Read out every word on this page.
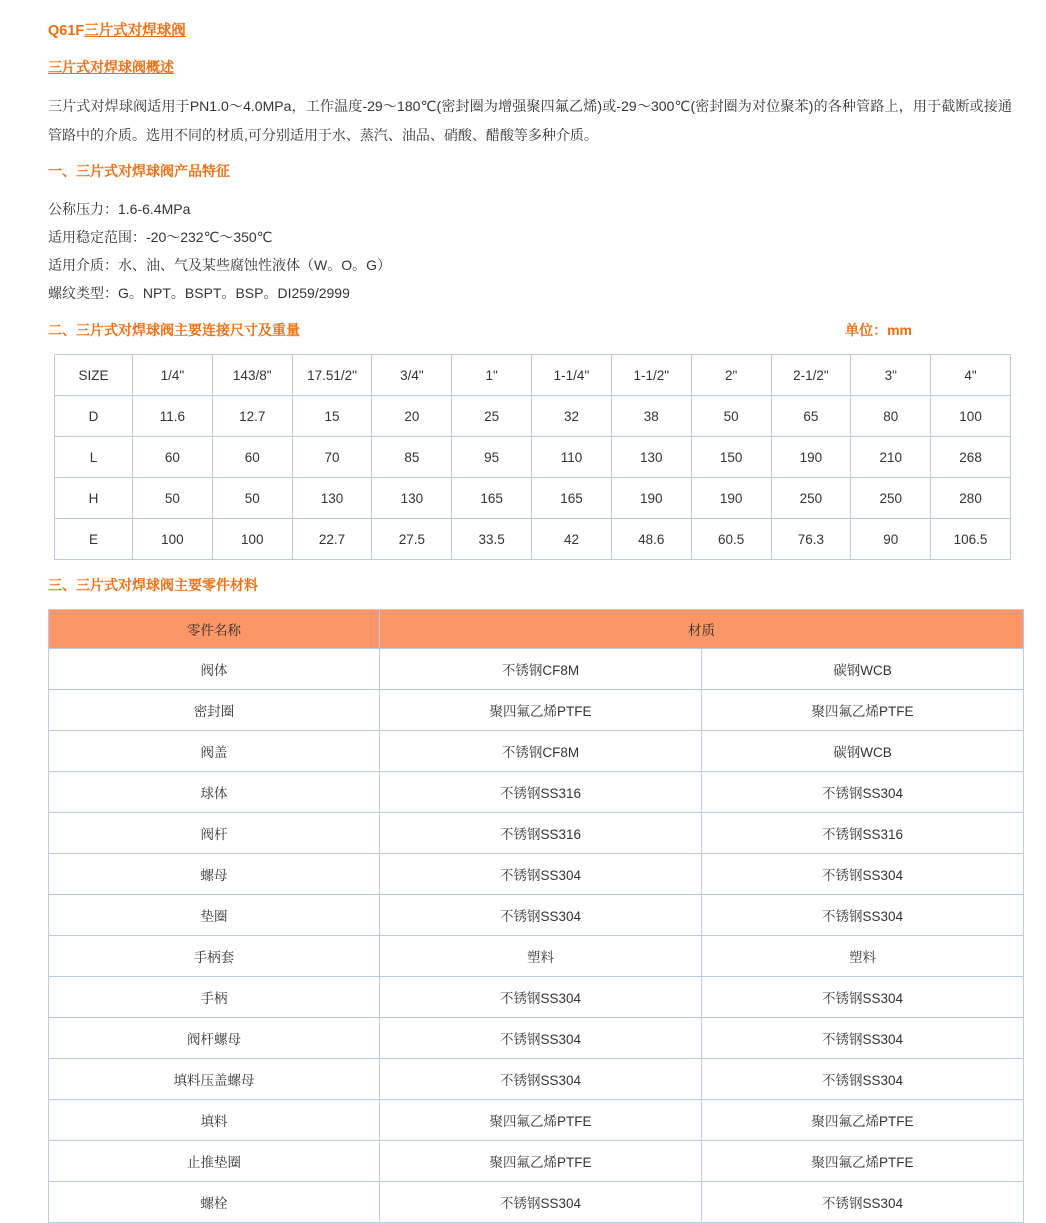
Q61F三片式对焊球阀
三片式对焊球阀概述

三片式对焊球阀适用于PN1.0～4.0MPa，工作温度-29～180℃(密封圈为增强聚四氟乙烯)或-29～300℃(密封圈为对位聚苯)的各种管路上，用于截断或接通管路中的介质。选用不同的材质,可分别适用于水、蒸汽、油品、硝酸、醋酸等多种介质。

一、三片式对焊球阀产品特征

公称压力：1.6-6.4MPa

适用稳定范围：-20～232℃～350℃

适用介质：水、油、气及某些腐蚀性液体（W。O。G）

螺纹类型：G。NPT。BSPT。BSP。DI259/2999

二、三片式对焊球阀主要连接尺寸及重量	单位：mm
SIZE	1/4"	143/8"	17.51/2"	3/4"	1"	1-1/4"	1-1/2"	2"	2-1/2"	3"	4"
D	11.6	12.7	15	20	25	32	38	50	65	80	100
L	60	60	70	85	95	110	130	150	190	210	268
H	50	50	130	130	165	165	190	190	250	250	280
E	100	100	22.7	27.5	33.5	42	48.6	60.5	76.3	90	106.5
三、三片式对焊球阀主要零件材料
零件名称	材质	
阀体	不锈钢CF8M	碳钢WCB
密封圈	聚四氟乙烯PTFE	聚四氟乙烯PTFE
阀盖	不锈钢CF8M	碳钢WCB
球体	不锈钢SS316	不锈钢SS304
阀杆	不锈钢SS316	不锈钢SS316
螺母	不锈钢SS304	不锈钢SS304
垫圈	不锈钢SS304	不锈钢SS304
手柄套	塑料	塑料
手柄	不锈钢SS304	不锈钢SS304
阀杆螺母	不锈钢SS304	不锈钢SS304
填料压盖螺母	不锈钢SS304	不锈钢SS304
填料	聚四氟乙烯PTFE	聚四氟乙烯PTFE
止推垫圈	聚四氟乙烯PTFE	聚四氟乙烯PTFE
螺栓	不锈钢SS304	不锈钢SS304
